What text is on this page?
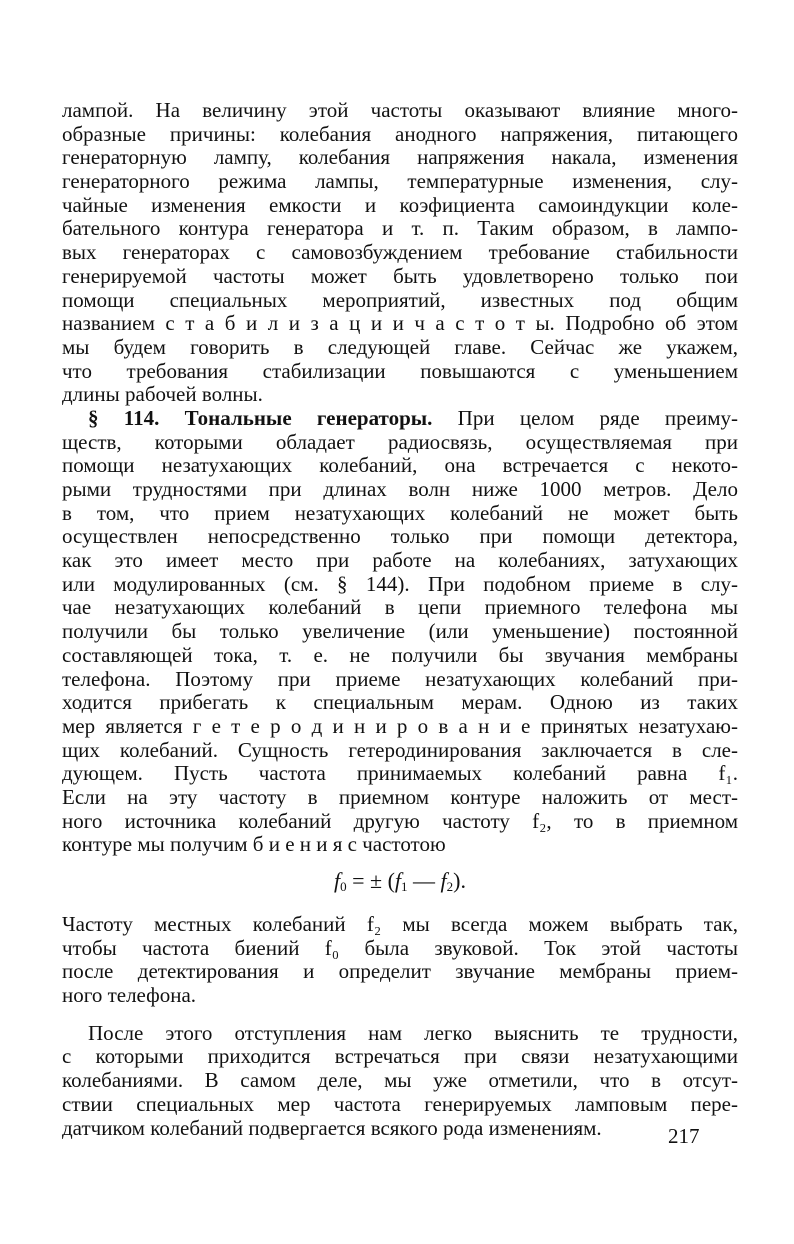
лампой. На величину этой частоты оказывают влияние много-
образные причины: колебания анодного напряжения, питающего
генераторную лампу, колебания напряжения накала, изменения
генераторного режима лампы, температурные изменения, слу-
чайные изменения емкости и коэфициента самоиндукции коле-
бательного контура генератора и т. п. Таким образом, в лампо-
вых генераторах с самовозбуждением требование стабильности
генерируемой частоты может быть удовлетворено только пои
помощи специальных мероприятий, известных под общим
названием с т а б и л и з а ц и и ч а с т о т ы. Подробно об этом
мы будем говорить в следующей главе. Сейчас же укажем,
что требования стабилизации повышаются с уменьшением
длины рабочей волны.
§ 114. Тональные генераторы. При целом ряде преиму-
ществ, которыми обладает радиосвязь, осуществляемая при
помощи незатухающих колебаний, она встречается с некото-
рыми трудностями при длинах волн ниже 1000 метров. Дело
в том, что прием незатухающих колебаний не может быть
осуществлен непосредственно только при помощи детектора,
как это имеет место при работе на колебаниях, затухающих
или модулированных (см. § 144). При подобном приеме в слу-
чае незатухающих колебаний в цепи приемного телефона мы
получили бы только увеличение (или уменьшение) постоянной
составляющей тока, т. е. не получили бы звучания мембраны
телефона. Поэтому при приеме незатухающих колебаний при-
ходится прибегать к специальным мерам. Одною из таких
мер является г е т е р о д и н и р о в а н и е принятых незатухаю-
щих колебаний. Сущность гетеродинирования заключается в сле-
дующем. Пусть частота принимаемых колебаний равна f₁.
Если на эту частоту в приемном контуре наложить от мест-
ного источника колебаний другую частоту f₂, то в приемном
контуре мы получим б и е н и я с частотою
$f_0$ = ± ($f_1$ — $f_2$).
Частоту местных колебаний f₂ мы всегда можем выбрать так,
чтобы частота биений f₀ была звуковой. Ток этой частоты
после детектирования и определит звучание мембраны прием-
ного телефона.
После этого отступления нам легко выяснить те трудности,
с которыми приходится встречаться при связи незатухающими
колебаниями. В самом деле, мы уже отметили, что в отсут-
ствии специальных мер частота генерируемых ламповым пере-
датчиком колебаний подвергается всякого рода изменениям.	217
